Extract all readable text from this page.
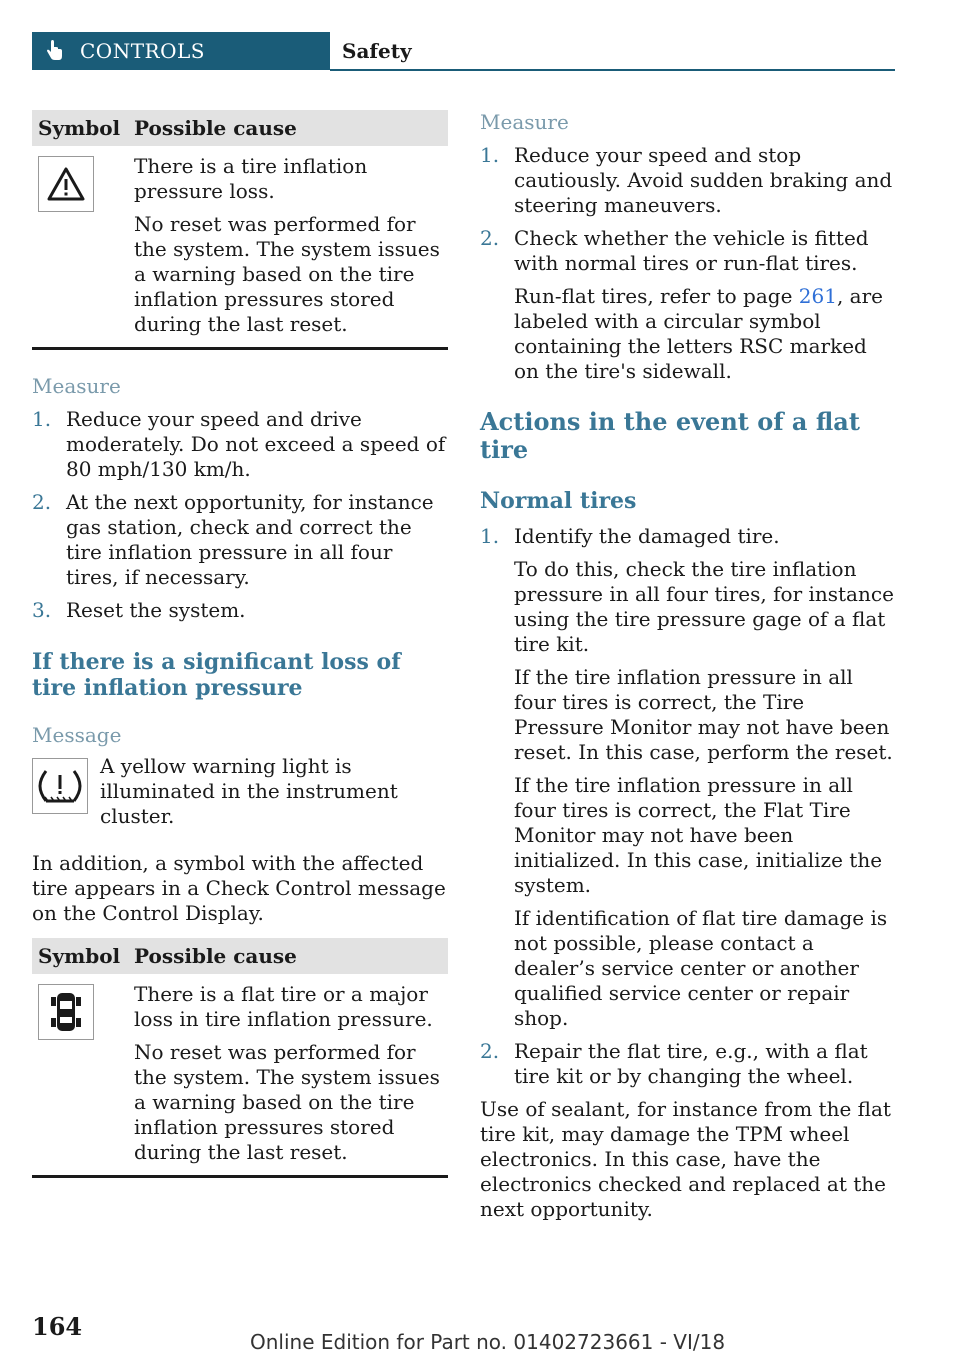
CONTROLS	Safety
Symbol	Possible cause

There is a tire inflation pressure loss.

No reset was performed for the system. The system issues a warning based on the tire inflation pressures stored during the last reset.

Measure

1. Reduce your speed and drive moderately. Do not exceed a speed of 80 mph/130 km/h.
2. At the next opportunity, for instance gas station, check and correct the tire inflation pressure in all four tires, if necessary.
3. Reset the system.

If there is a significant loss of tire inflation pressure

Message

A yellow warning light is illuminated in the instrument cluster.

In addition, a symbol with the affected tire appears in a Check Control message on the Control Display.

Symbol	Possible cause

There is a flat tire or a major loss in tire inflation pressure.

No reset was performed for the system. The system issues a warning based on the tire inflation pressures stored during the last reset.

Measure

1. Reduce your speed and stop cautiously. Avoid sudden braking and steering maneuvers.
2. Check whether the vehicle is fitted with normal tires or run-flat tires.

Run-flat tires, refer to page 261, are labeled with a circular symbol containing the letters RSC marked on the tire's sidewall.

Actions in the event of a flat tire

Normal tires

1. Identify the damaged tire.

To do this, check the tire inflation pressure in all four tires, for instance using the tire pressure gage of a flat tire kit.

If the tire inflation pressure in all four tires is correct, the Tire Pressure Monitor may not have been reset. In this case, perform the reset.

If the tire inflation pressure in all four tires is correct, the Flat Tire Monitor may not have been initialized. In this case, initialize the system.

If identification of flat tire damage is not possible, please contact a dealer’s service center or another qualified service center or repair shop.

2. Repair the flat tire, e.g., with a flat tire kit or by changing the wheel.

Use of sealant, for instance from the flat tire kit, may damage the TPM wheel electronics. In this case, have the electronics checked and replaced at the next opportunity.

164
Online Edition for Part no. 01402723661 - VI/18
